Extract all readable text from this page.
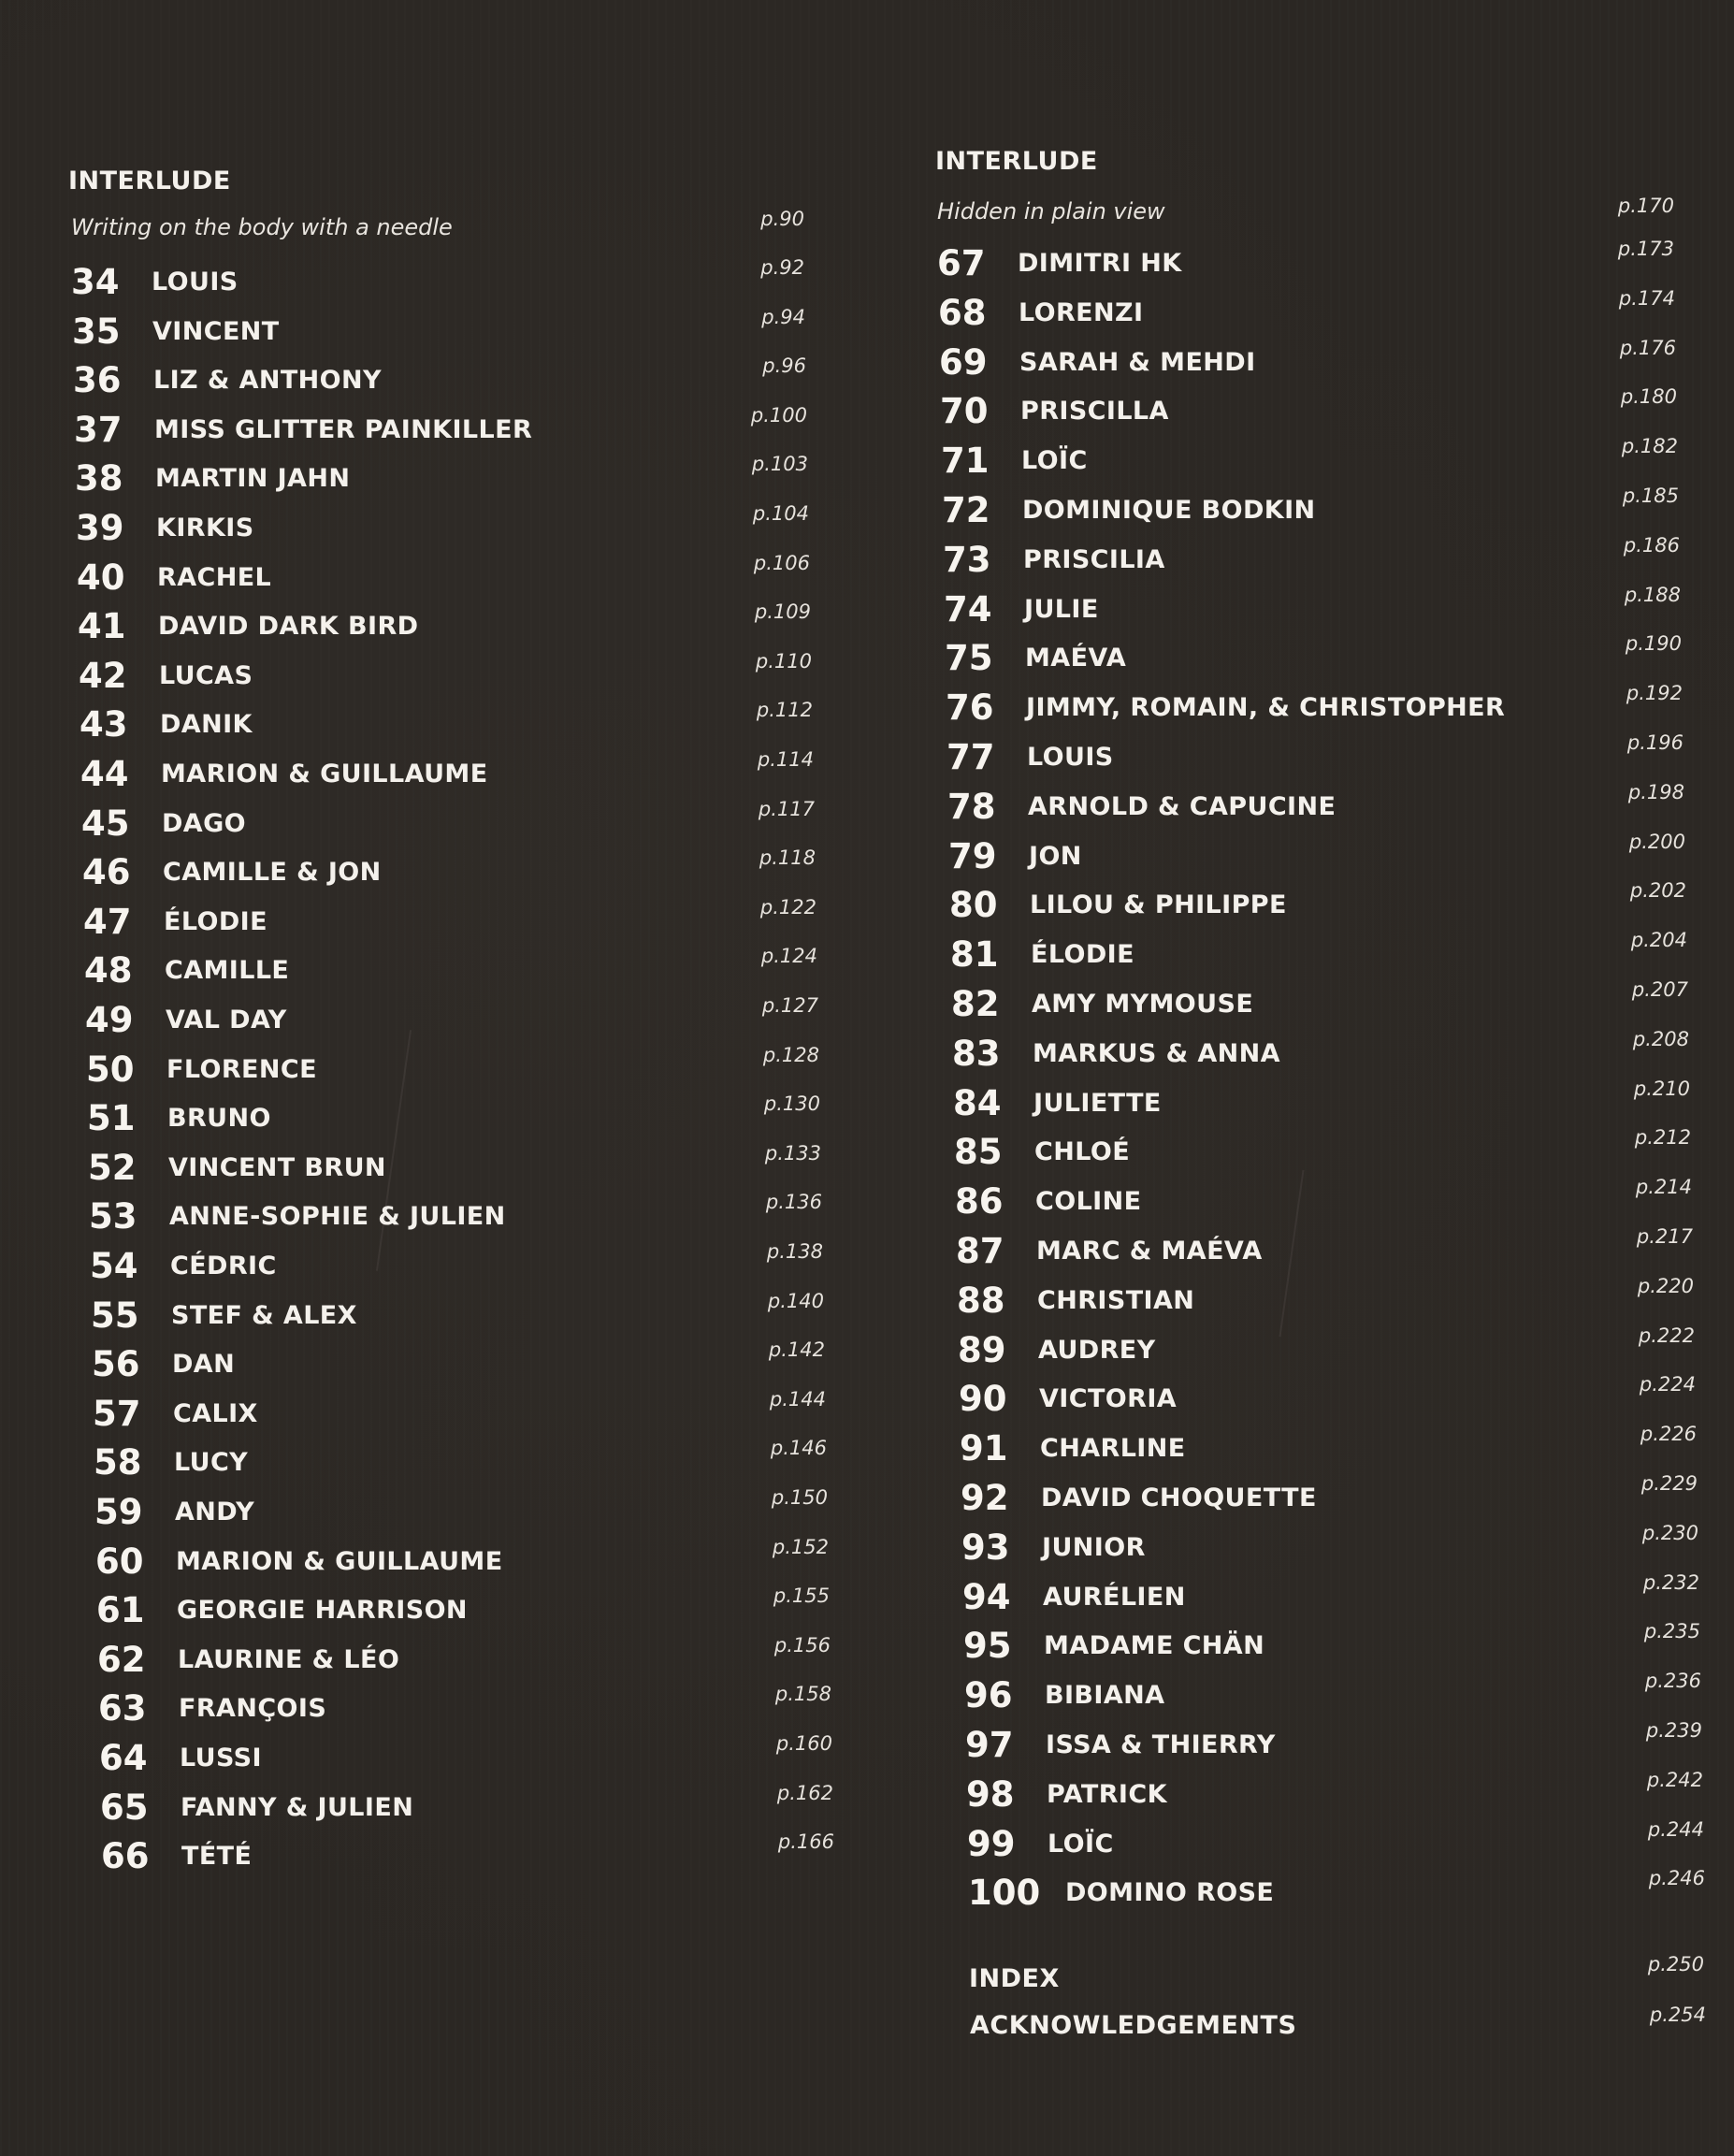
INTERLUDE
Writing on the body with a needle	p.90
34 LOUIS	p.92
35 VINCENT	p.94
36 LIZ & ANTHONY	p.96
37 MISS GLITTER PAINKILLER	p.100
38 MARTIN JAHN	p.103
39 KIRKIS	p.104
40 RACHEL	p.106
41 DAVID DARK BIRD	p.109
42 LUCAS	p.110
43 DANIK	p.112
44 MARION & GUILLAUME	p.114
45 DAGO	p.117
46 CAMILLE & JON	p.118
47 ÉLODIE	p.122
48 CAMILLE	p.124
49 VAL DAY	p.127
50 FLORENCE	p.128
51 BRUNO	p.130
52 VINCENT BRUN	p.133
53 ANNE-SOPHIE & JULIEN	p.136
54 CÉDRIC	p.138
55 STEF & ALEX	p.140
56 DAN	p.142
57 CALIX	p.144
58 LUCY	p.146
59 ANDY	p.150
60 MARION & GUILLAUME	p.152
61 GEORGIE HARRISON	p.155
62 LAURINE & LÉO	p.156
63 FRANÇOIS	p.158
64 LUSSI	p.160
65 FANNY & JULIEN	p.162
66 TÉTÉ	p.166
INTERLUDE
Hidden in plain view	p.170
67 DIMITRI HK	p.173
68 LORENZI	p.174
69 SARAH & MEHDI	p.176
70 PRISCILLA	p.180
71 LOÏC	p.182
72 DOMINIQUE BODKIN	p.185
73 PRISCILIA	p.186
74 JULIE	p.188
75 MAÉVA	p.190
76 JIMMY, ROMAIN, & CHRISTOPHER	p.192
77 LOUIS	p.196
78 ARNOLD & CAPUCINE	p.198
79 JON	p.200
80 LILOU & PHILIPPE	p.202
81 ÉLODIE	p.204
82 AMY MYMOUSE	p.207
83 MARKUS & ANNA	p.208
84 JULIETTE	p.210
85 CHLOÉ	p.212
86 COLINE	p.214
87 MARC & MAÉVA	p.217
88 CHRISTIAN	p.220
89 AUDREY	p.222
90 VICTORIA	p.224
91 CHARLINE	p.226
92 DAVID CHOQUETTE	p.229
93 JUNIOR	p.230
94 AURÉLIEN	p.232
95 MADAME CHÄN	p.235
96 BIBIANA	p.236
97 ISSA & THIERRY	p.239
98 PATRICK	p.242
99 LOÏC	p.244
100 DOMINO ROSE	p.246
INDEX	p.250
ACKNOWLEDGEMENTS	p.254
